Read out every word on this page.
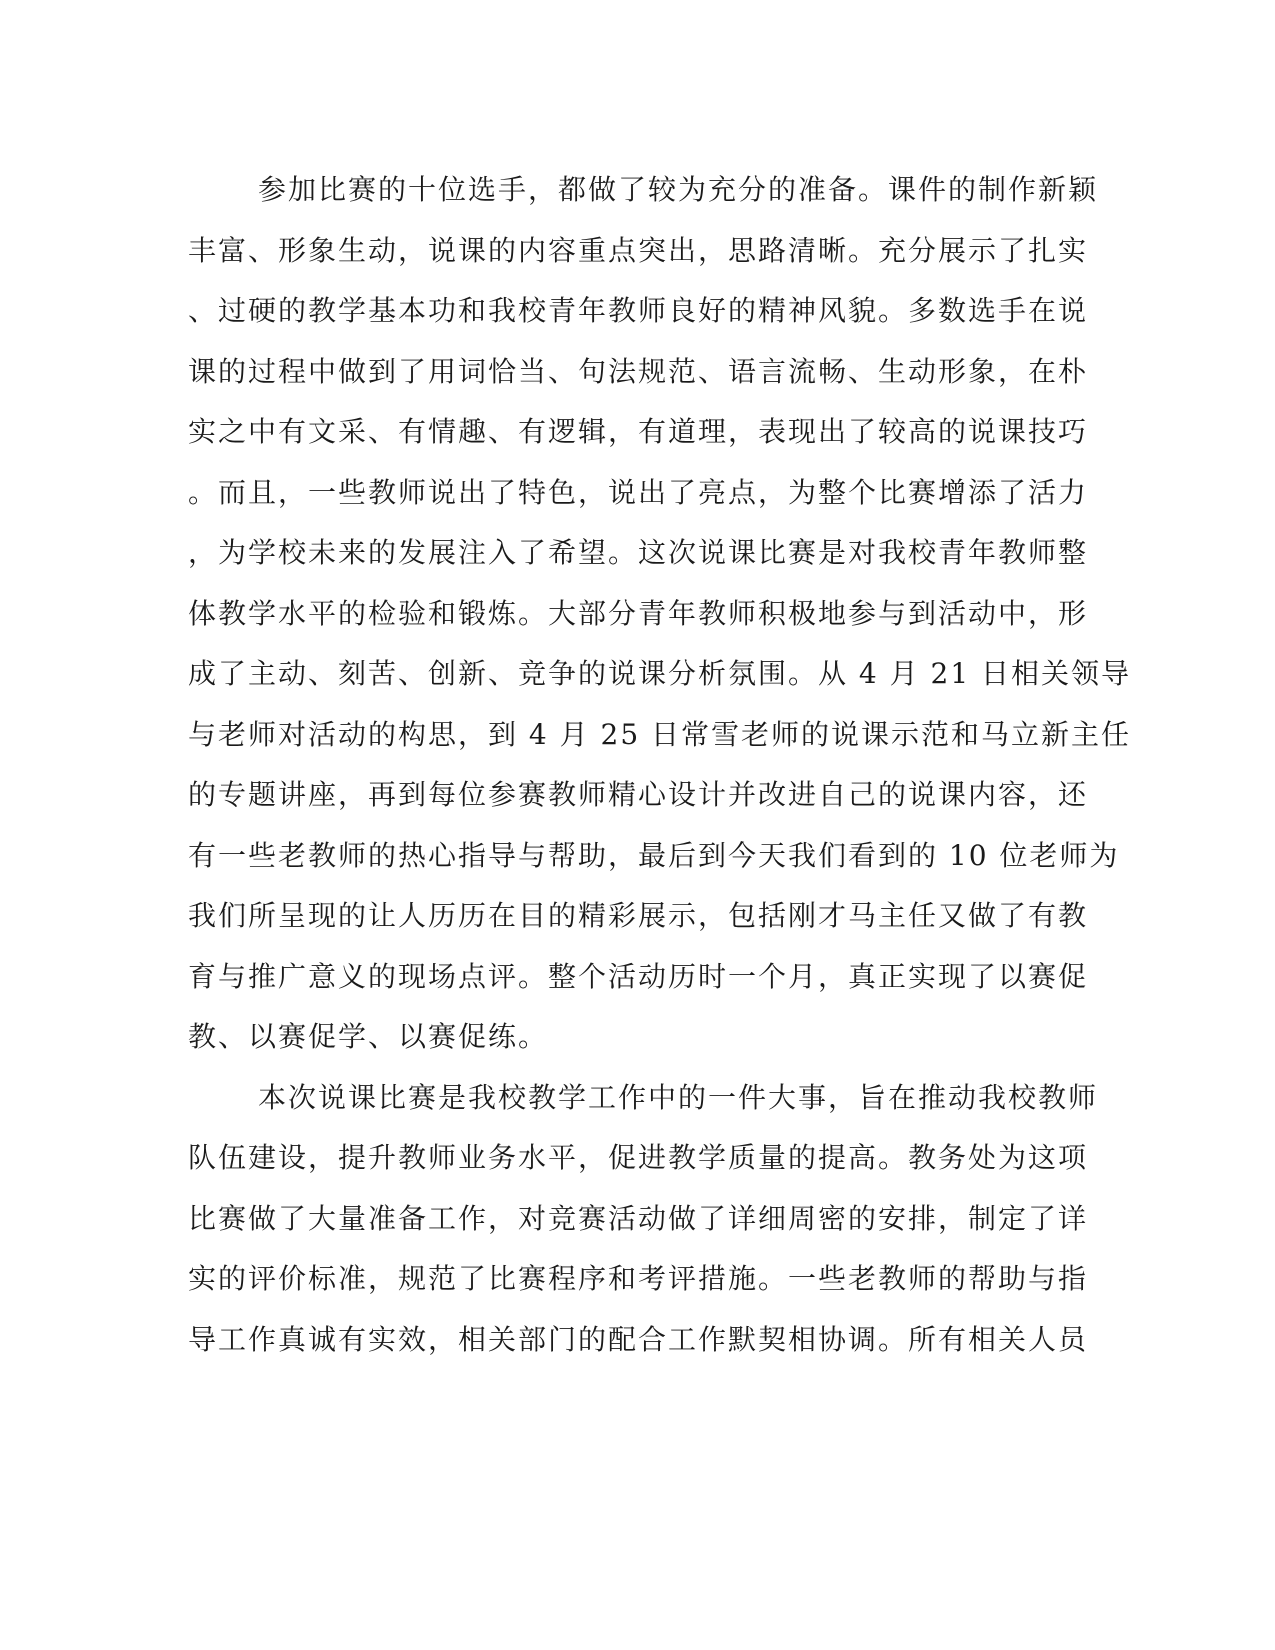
参加比赛的十位选手，都做了较为充分的准备。课件的制作新颖
丰富、形象生动，说课的内容重点突出，思路清晰。充分展示了扎实
、过硬的教学基本功和我校青年教师良好的精神风貌。多数选手在说
课的过程中做到了用词恰当、句法规范、语言流畅、生动形象，在朴
实之中有文采、有情趣、有逻辑，有道理，表现出了较高的说课技巧
。而且，一些教师说出了特色，说出了亮点，为整个比赛增添了活力
，为学校未来的发展注入了希望。这次说课比赛是对我校青年教师整
体教学水平的检验和锻炼。大部分青年教师积极地参与到活动中，形
成了主动、刻苦、创新、竞争的说课分析氛围。从 4 月 21 日相关领导
与老师对活动的构思，到 4 月 25 日常雪老师的说课示范和马立新主任
的专题讲座，再到每位参赛教师精心设计并改进自己的说课内容，还
有一些老教师的热心指导与帮助，最后到今天我们看到的 10 位老师为
我们所呈现的让人历历在目的精彩展示，包括刚才马主任又做了有教
育与推广意义的现场点评。整个活动历时一个月，真正实现了以赛促
教、以赛促学、以赛促练。
本次说课比赛是我校教学工作中的一件大事，旨在推动我校教师
队伍建设，提升教师业务水平，促进教学质量的提高。教务处为这项
比赛做了大量准备工作，对竞赛活动做了详细周密的安排，制定了详
实的评价标准，规范了比赛程序和考评措施。一些老教师的帮助与指
导工作真诚有实效，相关部门的配合工作默契相协调。所有相关人员
